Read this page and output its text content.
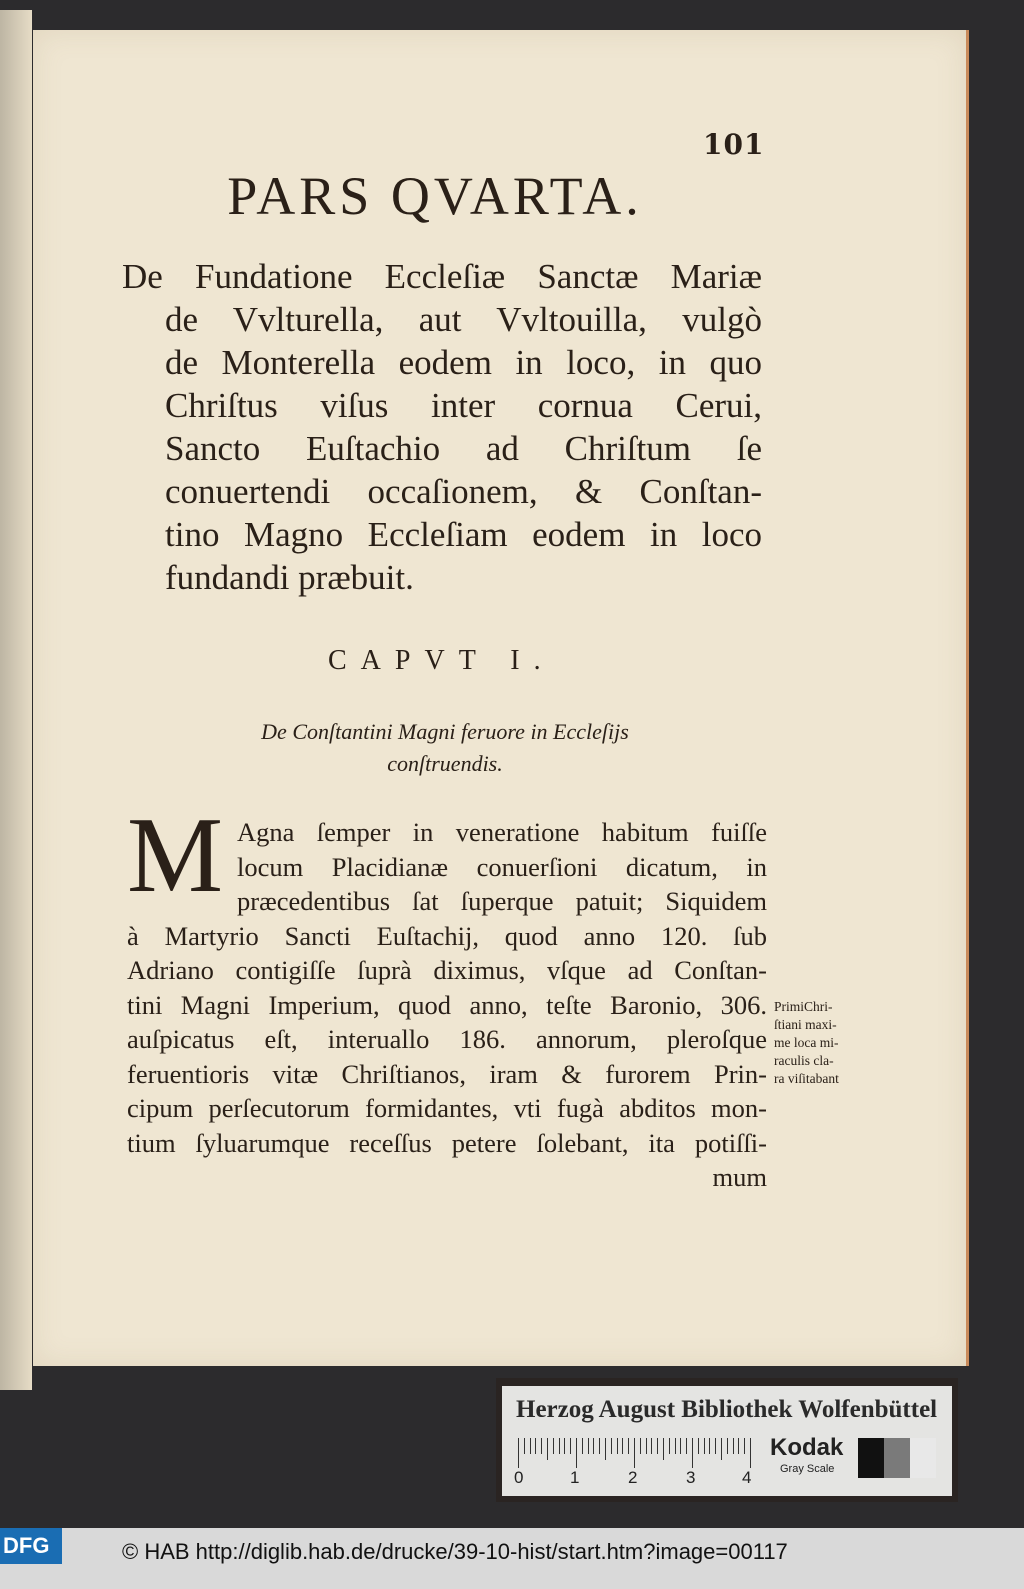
101
PARS QVARTA.
De Fundatione Eccleſiæ Sanctæ Mariæ
de Vvlturella, aut Vvltouilla, vulgò
de Monterella eodem in loco, in quo
Chriſtus viſus inter cornua Cerui,
Sancto Euſtachio ad Chriſtum ſe
conuertendi occaſionem, & Conſtan-
tino Magno Eccleſiam eodem in loco
fundandi præbuit.
CAPVT I.
De Conſtantini Magni feruore in Eccleſijs
conſtruendis.
M Agna ſemper in veneratione habitum fuiſſe
locum Placidianæ conuerſioni dicatum, in
præcedentibus ſat ſuperque patuit; Siquidem
à Martyrio Sancti Euſtachij, quod anno 120. ſub
Adriano contigiſſe ſuprà diximus, vſque ad Conſtan-
tini Magni Imperium, quod anno, teſte Baronio, 306.
auſpicatus eſt, interuallo 186. annorum, pleroſque
feruentioris vitæ Chriſtianos, iram & furorem Prin-
cipum perſecutorum formidantes, vti fugà abditos mon-
tium ſyluarumque receſſus petere ſolebant, ita potiſſi-
mum
PrimiChri-
ſtiani maxi-
me loca mi-
raculis cla-
ra viſitabant
Herzog August Bibliothek Wolfenbüttel
0	1	2	3	4
Kodak
Gray Scale
DFG	© HAB http://diglib.hab.de/drucke/39-10-hist/start.htm?image=00117
